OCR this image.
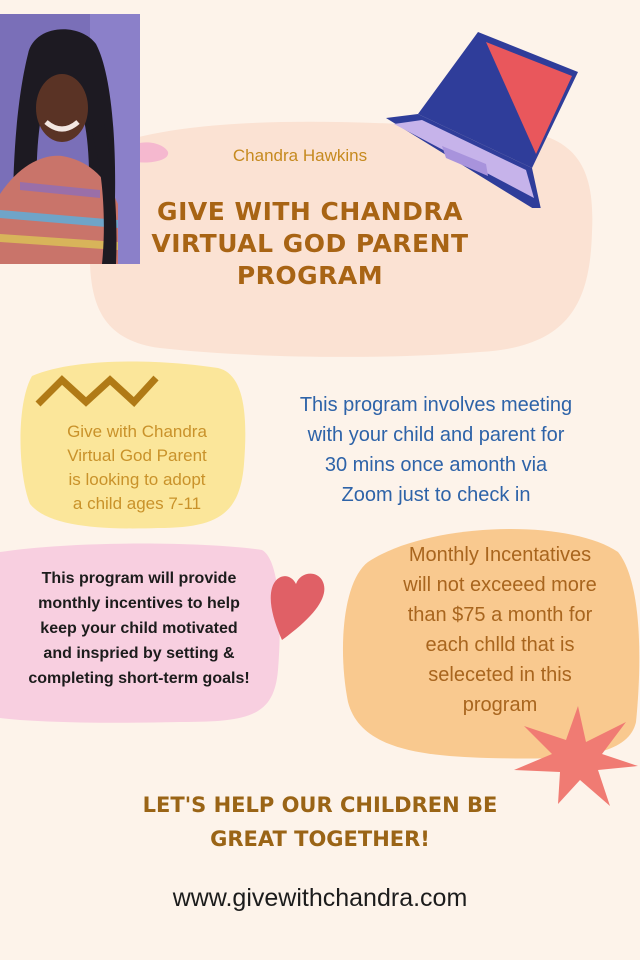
Chandra Hawkins
GIVE WITH CHANDRA
VIRTUAL GOD PARENT
PROGRAM
Give with Chandra
Virtual God Parent
is looking to adopt
a child ages 7-11
This program involves meeting
with your child and parent for
30 mins once amonth via
Zoom just to check in
This program will provide
monthly incentives to help
keep your child motivated
and inspried by setting &
completing short-term goals!
Monthly Incentatives
will not exceeed more
than $75 a month for
each chlld that is
seleceted in this
program
LET'S HELP OUR CHILDREN BE
GREAT TOGETHER!
www.givewithchandra.com
